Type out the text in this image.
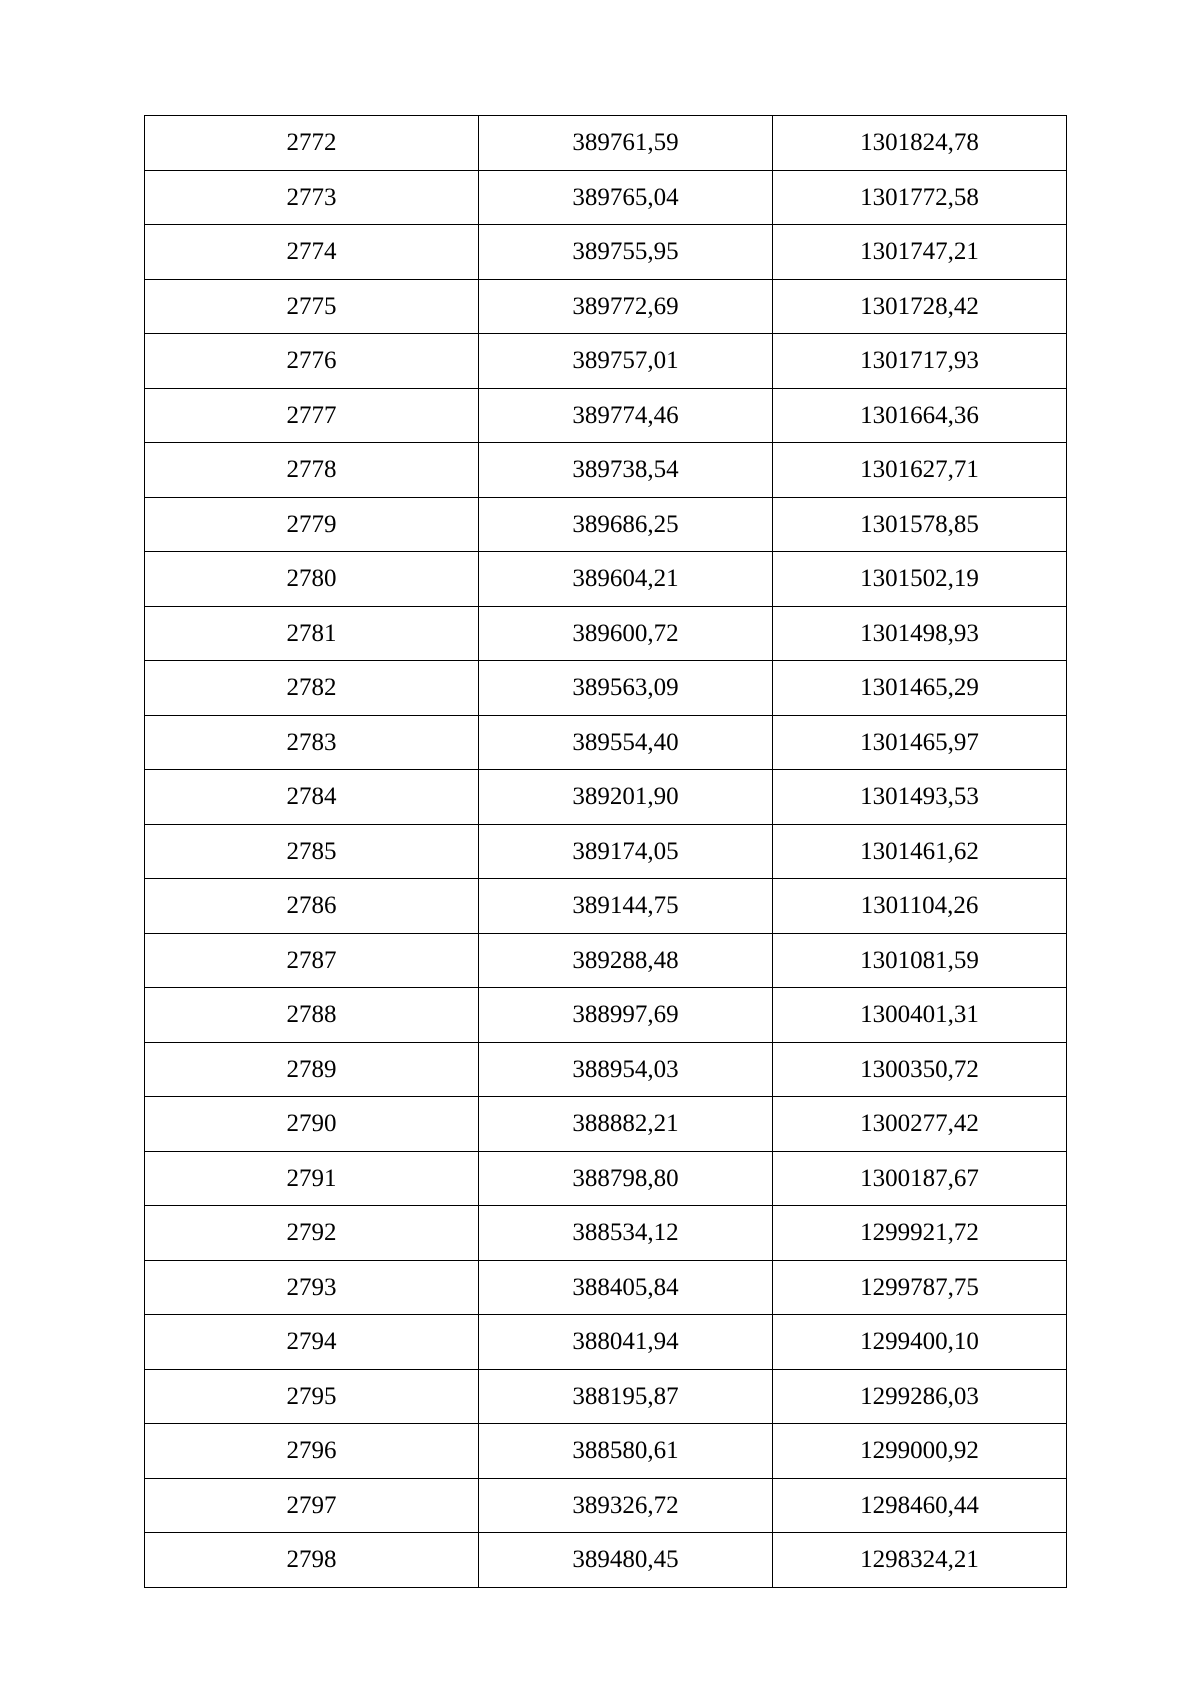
2772	389761,59	1301824,78
2773	389765,04	1301772,58
2774	389755,95	1301747,21
2775	389772,69	1301728,42
2776	389757,01	1301717,93
2777	389774,46	1301664,36
2778	389738,54	1301627,71
2779	389686,25	1301578,85
2780	389604,21	1301502,19
2781	389600,72	1301498,93
2782	389563,09	1301465,29
2783	389554,40	1301465,97
2784	389201,90	1301493,53
2785	389174,05	1301461,62
2786	389144,75	1301104,26
2787	389288,48	1301081,59
2788	388997,69	1300401,31
2789	388954,03	1300350,72
2790	388882,21	1300277,42
2791	388798,80	1300187,67
2792	388534,12	1299921,72
2793	388405,84	1299787,75
2794	388041,94	1299400,10
2795	388195,87	1299286,03
2796	388580,61	1299000,92
2797	389326,72	1298460,44
2798	389480,45	1298324,21
